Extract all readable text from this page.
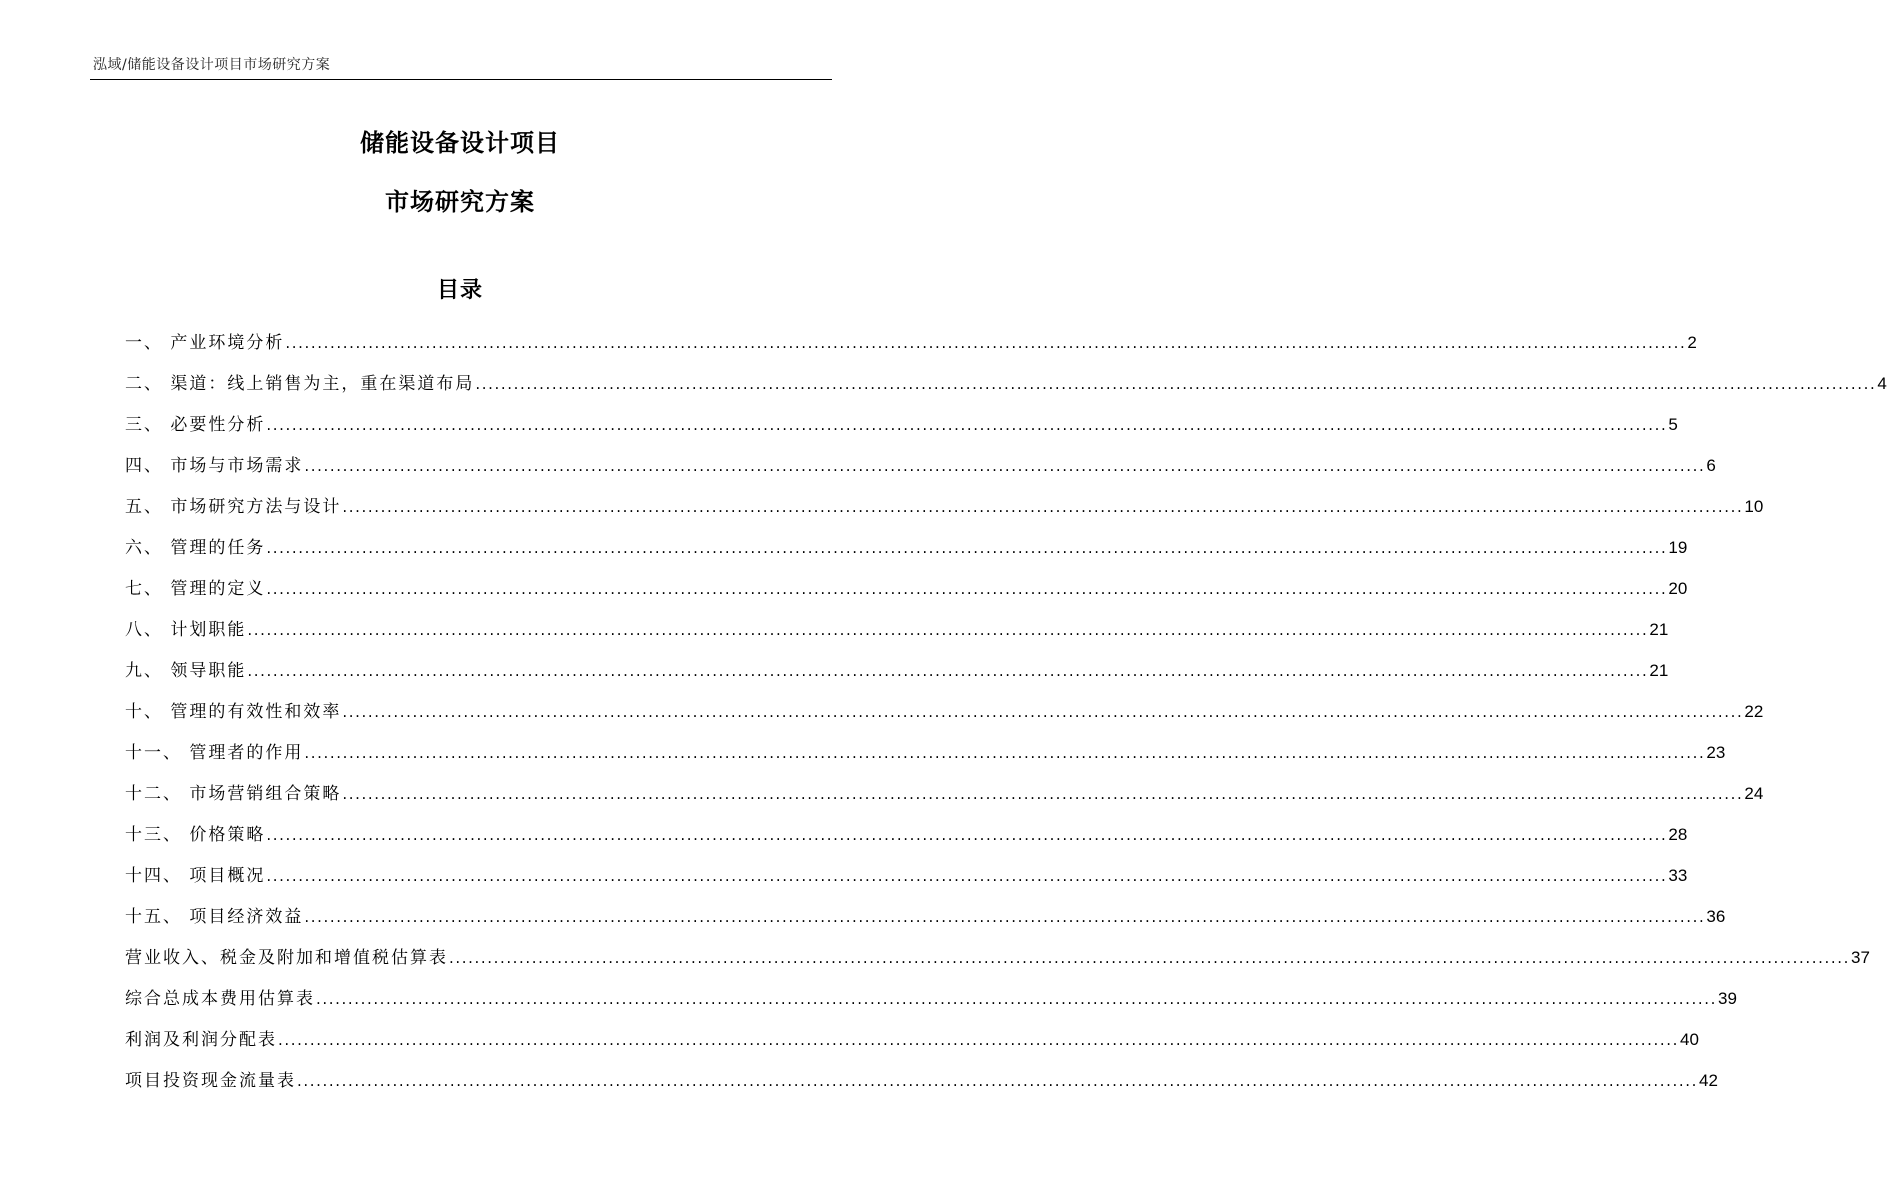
泓域/储能设备设计项目市场研究方案
储能设备设计项目
市场研究方案
目录
一、 产业环境分析 ............................................................................................................................................................................................................................ 2
二、 渠道：线上销售为主，重在渠道布局 ............................................................................................................................................................................................................................ 4
三、 必要性分析 ............................................................................................................................................................................................................................ 5
四、 市场与市场需求 ............................................................................................................................................................................................................................ 6
五、 市场研究方法与设计 ............................................................................................................................................................................................................................ 10
六、 管理的任务 ............................................................................................................................................................................................................................ 19
七、 管理的定义 ............................................................................................................................................................................................................................ 20
八、 计划职能 ............................................................................................................................................................................................................................ 21
九、 领导职能 ............................................................................................................................................................................................................................ 21
十、 管理的有效性和效率 ............................................................................................................................................................................................................................ 22
十一、 管理者的作用 ............................................................................................................................................................................................................................ 23
十二、 市场营销组合策略 ............................................................................................................................................................................................................................ 24
十三、 价格策略 ............................................................................................................................................................................................................................ 28
十四、 项目概况 ............................................................................................................................................................................................................................ 33
十五、 项目经济效益 ............................................................................................................................................................................................................................ 36
营业收入、税金及附加和增值税估算表 ............................................................................................................................................................................................................................ 37
综合总成本费用估算表 ............................................................................................................................................................................................................................ 39
利润及利润分配表 ............................................................................................................................................................................................................................ 40
项目投资现金流量表 ............................................................................................................................................................................................................................ 42
